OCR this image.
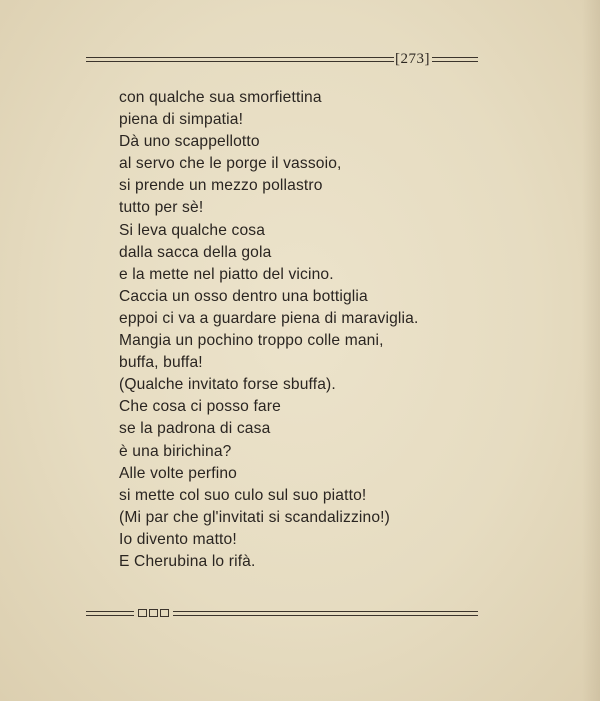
[273]
con qualche sua smorfiettina
piena di simpatia!
Dà uno scappellotto
al servo che le porge il vassoio,
si prende un mezzo pollastro
tutto per sè!
Si leva qualche cosa
dalla sacca della gola
e la mette nel piatto del vicino.
Caccia un osso dentro una bottiglia
eppoi ci va a guardare piena di maraviglia.
Mangia un pochino troppo colle mani,
buffa, buffa!
(Qualche invitato forse sbuffa).
Che cosa ci posso fare
se la padrona di casa
è una birichina?
Alle volte perfino
si mette col suo culo sul suo piatto!
(Mi par che gl'invitati si scandalizzino!)
Io divento matto!
E Cherubina lo rifà.
